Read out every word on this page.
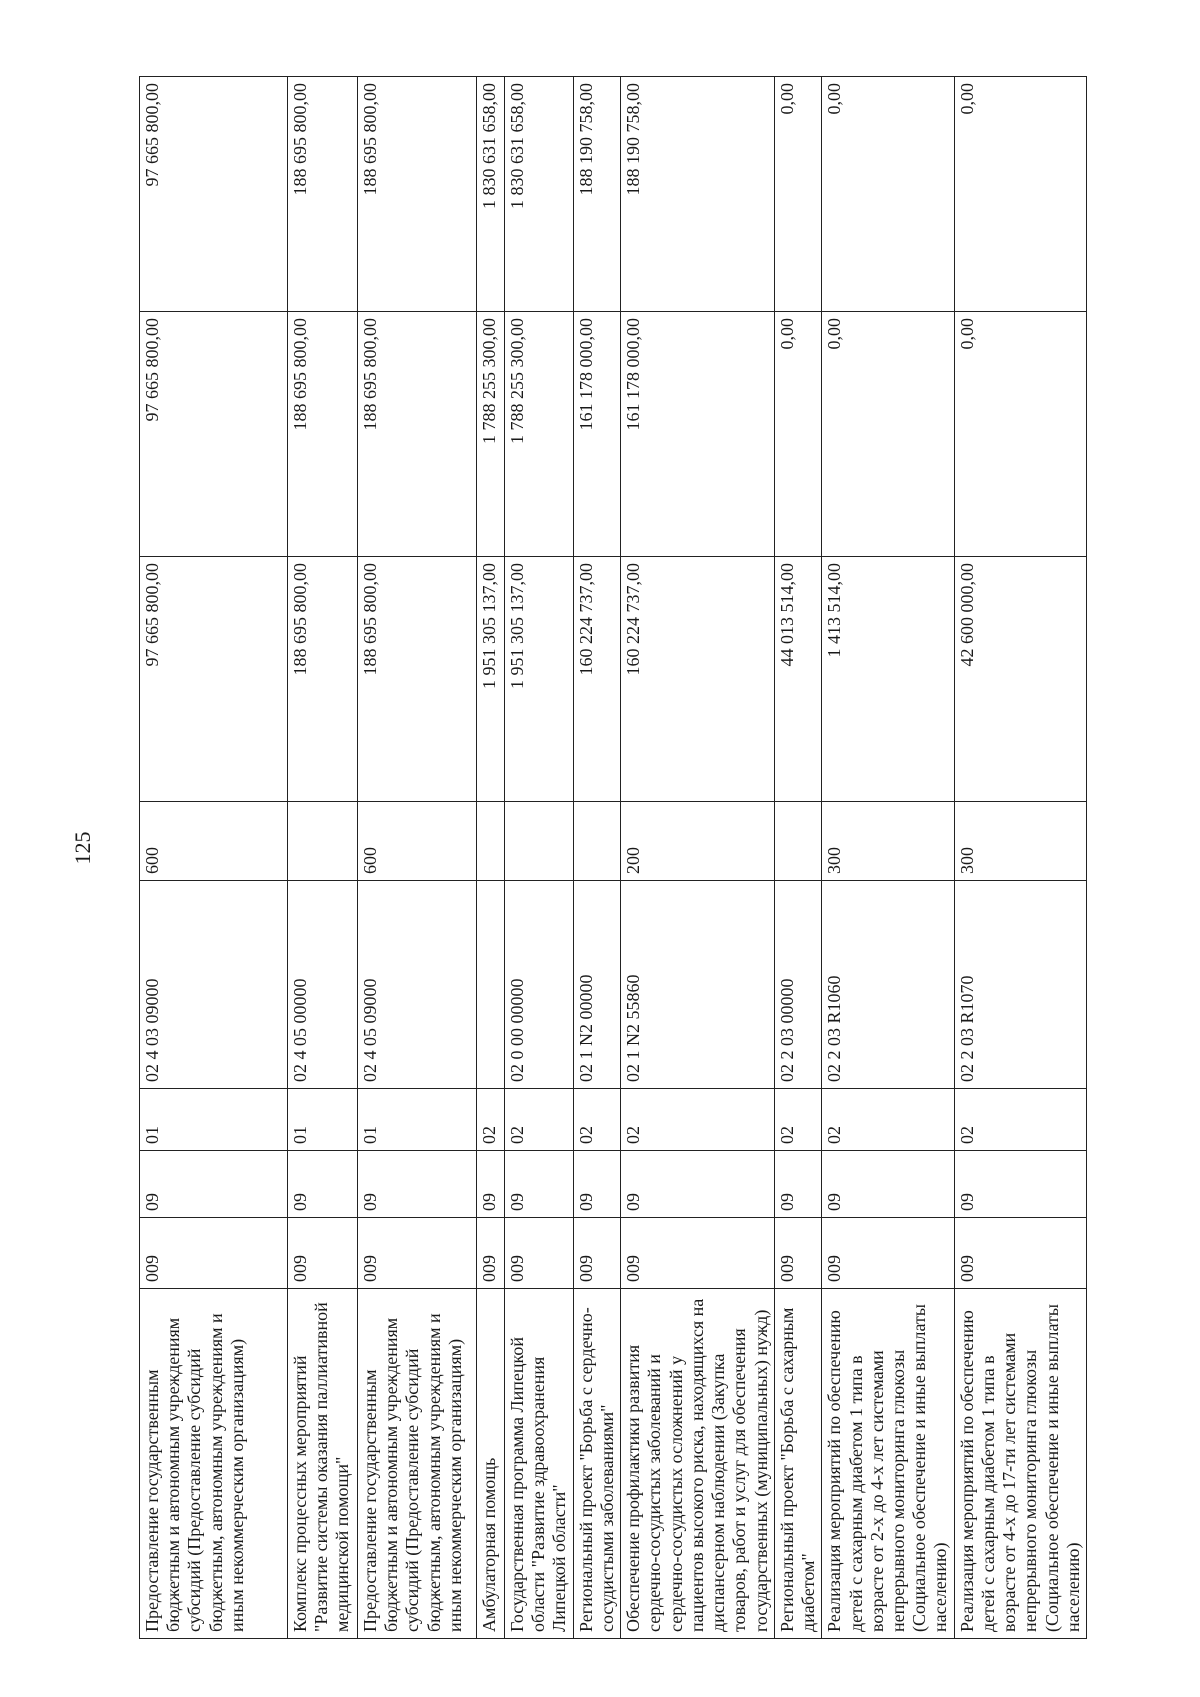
125
Предоставление государственным бюджетным и автономным учреждениям субсидий (Предоставление субсидий бюджетным, автономным учреждениям и иным некоммерческим организациям)	009	09	01	02 4 03 09000	600	97 665 800,00	97 665 800,00	97 665 800,00
Комплекс процессных мероприятий "Развитие системы оказания паллиативной медицинской помощи"	009	09	01	02 4 05 00000		188 695 800,00	188 695 800,00	188 695 800,00
Предоставление государственным бюджетным и автономным учреждениям субсидий (Предоставление субсидий бюджетным, автономным учреждениям и иным некоммерческим организациям)	009	09	01	02 4 05 09000	600	188 695 800,00	188 695 800,00	188 695 800,00
Амбулаторная помощь	009	09	02			1 951 305 137,00	1 788 255 300,00	1 830 631 658,00
Государственная программа Липецкой области "Развитие здравоохранения Липецкой области"	009	09	02	02 0 00 00000		1 951 305 137,00	1 788 255 300,00	1 830 631 658,00
Региональный проект "Борьба с сердечно-сосудистыми заболеваниями"	009	09	02	02 1 N2 00000		160 224 737,00	161 178 000,00	188 190 758,00
Обеспечение профилактики развития сердечно-сосудистых заболеваний и сердечно-сосудистых осложнений у пациентов высокого риска, находящихся на диспансерном наблюдении (Закупка товаров, работ и услуг для обеспечения государственных (муниципальных) нужд)	009	09	02	02 1 N2 55860	200	160 224 737,00	161 178 000,00	188 190 758,00
Региональный проект "Борьба с сахарным диабетом"	009	09	02	02 2 03 00000		44 013 514,00	0,00	0,00
Реализация мероприятий по обеспечению детей с сахарным диабетом 1 типа в возрасте от 2-х до 4-х лет системами непрерывного мониторинга глюкозы (Социальное обеспечение и иные выплаты населению)	009	09	02	02 2 03 R1060	300	1 413 514,00	0,00	0,00
Реализация мероприятий по обеспечению детей с сахарным диабетом 1 типа в возрасте от 4-х до 17-ти лет системами непрерывного мониторинга глюкозы (Социальное обеспечение и иные выплаты населению)	009	09	02	02 2 03 R1070	300	42 600 000,00	0,00	0,00
